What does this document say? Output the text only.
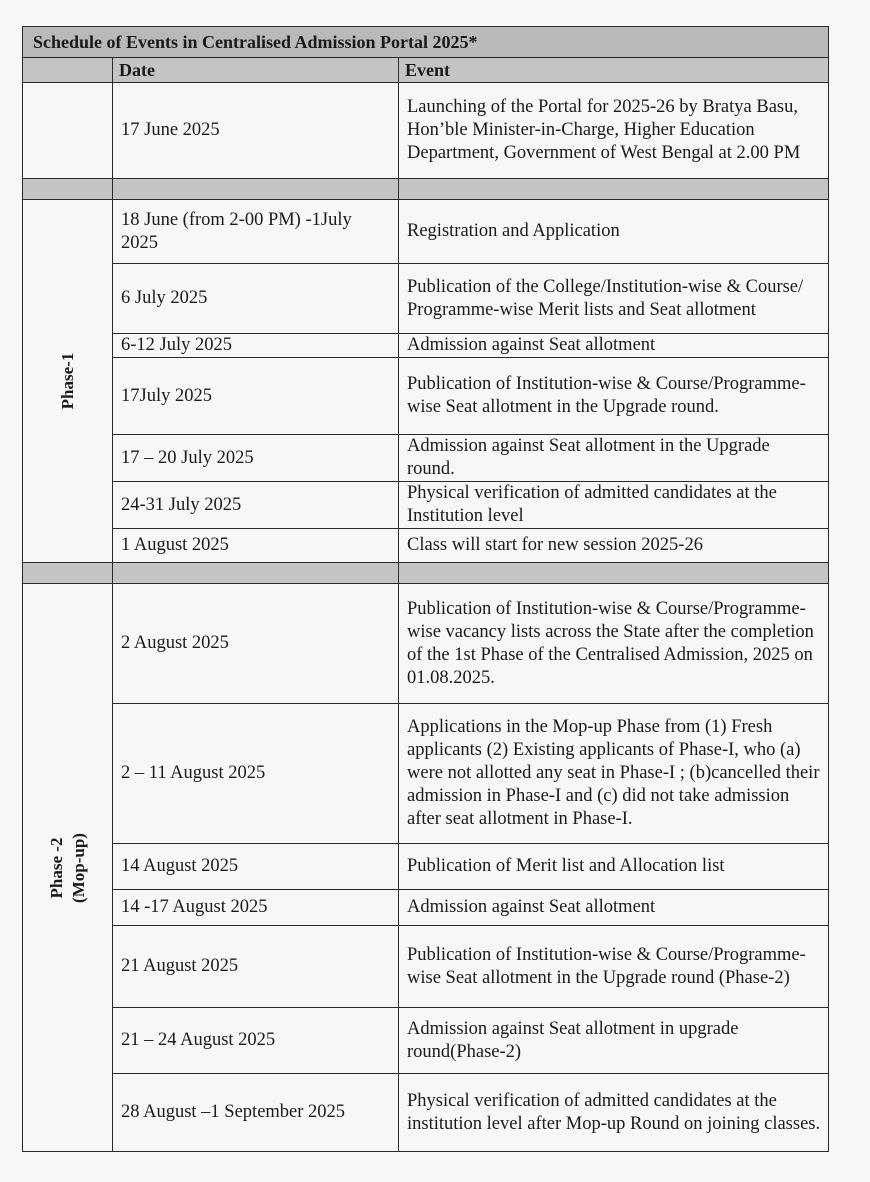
Schedule of Events in Centralised Admission Portal 2025*		
	Date	Event
	17 June 2025	Launching of the Portal for 2025-26 by Bratya Basu, Hon’ble Minister-in-Charge, Higher Education Department, Government of West Bengal at 2.00 PM

Phase-1	18 June (from 2-00 PM) -1July 2025	Registration and Application
	6 July 2025	Publication of the College/Institution-wise & Course/ Programme-wise Merit lists and Seat allotment
	6-12 July 2025	Admission against Seat allotment
	17July 2025	Publication of Institution-wise & Course/Programme-wise Seat allotment in the Upgrade round.
	17 – 20 July 2025	Admission against Seat allotment in the Upgrade round.
	24-31 July 2025	Physical verification of admitted candidates at the Institution level
	1 August 2025	Class will start for new session 2025-26

Phase -2 (Mop-up)	2 August 2025	Publication of Institution-wise & Course/Programme-wise vacancy lists across the State after the completion of the 1st Phase of the Centralised Admission, 2025 on 01.08.2025.
	2 – 11 August 2025	Applications in the Mop-up Phase from (1) Fresh applicants (2) Existing applicants of Phase-I, who (a) were not allotted any seat in Phase-I ; (b)cancelled their admission in Phase-I and (c) did not take admission after seat allotment in Phase-I.
	14 August 2025	Publication of Merit list and Allocation list
	14 -17 August 2025	Admission against Seat allotment
	21 August 2025	Publication of Institution-wise & Course/Programme- wise Seat allotment in the Upgrade round (Phase-2)
	21 – 24 August 2025	Admission against Seat allotment in upgrade round(Phase-2)
	28 August –1 September 2025	Physical verification of admitted candidates at the institution level after Mop-up Round on joining classes.
